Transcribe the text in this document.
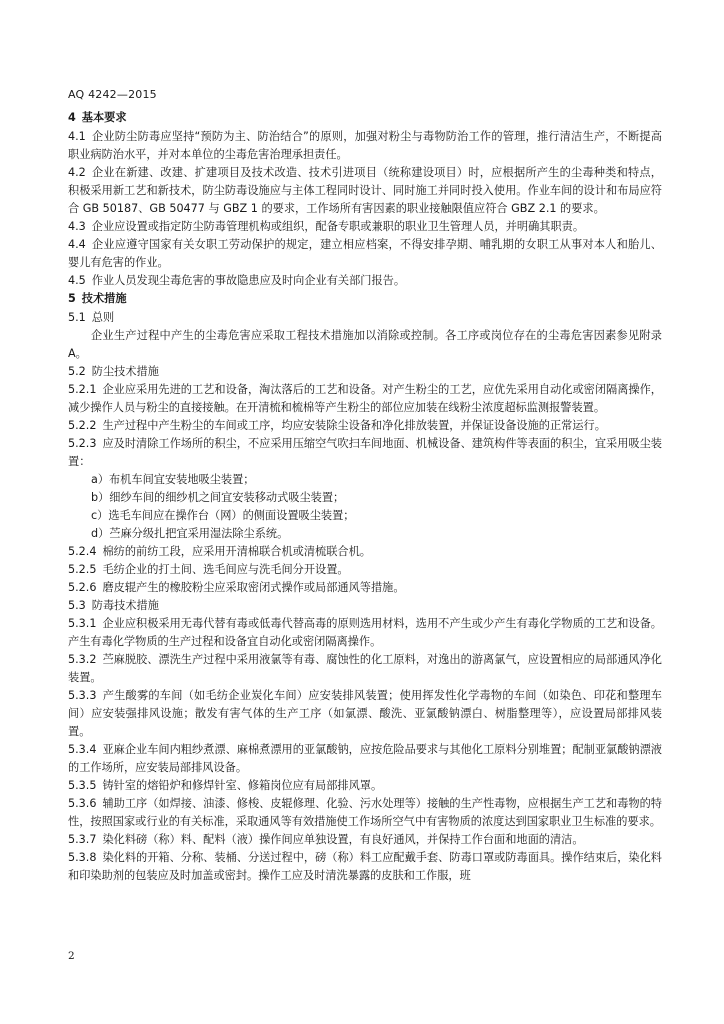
AQ 4242—2015

4 基本要求

4.1 企业防尘防毒应坚持“预防为主、防治结合”的原则，加强对粉尘与毒物防治工作的管理，推行清洁生产，不断提高职业病防治水平，并对本单位的尘毒危害治理承担责任。

4.2 企业在新建、改建、扩建项目及技术改造、技术引进项目（统称建设项目）时，应根据所产生的尘毒种类和特点，积极采用新工艺和新技术，防尘防毒设施应与主体工程同时设计、同时施工并同时投入使用。作业车间的设计和布局应符合 GB 50187、GB 50477 与 GBZ 1 的要求，工作场所有害因素的职业接触限值应符合 GBZ 2.1 的要求。

4.3 企业应设置或指定防尘防毒管理机构或组织，配备专职或兼职的职业卫生管理人员，并明确其职责。

4.4 企业应遵守国家有关女职工劳动保护的规定，建立相应档案，不得安排孕期、哺乳期的女职工从事对本人和胎儿、婴儿有危害的作业。

4.5 作业人员发现尘毒危害的事故隐患应及时向企业有关部门报告。

5 技术措施

5.1 总则

企业生产过程中产生的尘毒危害应采取工程技术措施加以消除或控制。各工序或岗位存在的尘毒危害因素参见附录 A。

5.2 防尘技术措施

5.2.1 企业应采用先进的工艺和设备，淘汰落后的工艺和设备。对产生粉尘的工艺，应优先采用自动化或密闭隔离操作，减少操作人员与粉尘的直接接触。在开清梳和梳棉等产生粉尘的部位应加装在线粉尘浓度超标监测报警装置。

5.2.2 生产过程中产生粉尘的车间或工序，均应安装除尘设备和净化排放装置，并保证设备设施的正常运行。

5.2.3 应及时清除工作场所的积尘，不应采用压缩空气吹扫车间地面、机械设备、建筑构件等表面的积尘，宜采用吸尘装置：

a）布机车间宜安装地吸尘装置；

b）细纱车间的细纱机之间宜安装移动式吸尘装置；

c）选毛车间应在操作台（网）的侧面设置吸尘装置；

d）苎麻分级扎把宜采用湿法除尘系统。

5.2.4 棉纺的前纺工段，应采用开清棉联合机或清梳联合机。

5.2.5 毛纺企业的打土间、选毛间应与洗毛间分开设置。

5.2.6 磨皮辊产生的橡胶粉尘应采取密闭式操作或局部通风等措施。

5.3 防毒技术措施

5.3.1 企业应积极采用无毒代替有毒或低毒代替高毒的原则选用材料，选用不产生或少产生有毒化学物质的工艺和设备。产生有毒化学物质的生产过程和设备宜自动化或密闭隔离操作。

5.3.2 苎麻脱胶、漂洗生产过程中采用液氯等有毒、腐蚀性的化工原料，对逸出的游离氯气，应设置相应的局部通风净化装置。

5.3.3 产生酸雾的车间（如毛纺企业炭化车间）应安装排风装置；使用挥发性化学毒物的车间（如染色、印花和整理车间）应安装强排风设施；散发有害气体的生产工序（如氯漂、酸洗、亚氯酸钠漂白、树脂整理等），应设置局部排风装置。

5.3.4 亚麻企业车间内粗纱煮漂、麻棉煮漂用的亚氯酸钠，应按危险品要求与其他化工原料分别堆置；配制亚氯酸钠漂液的工作场所，应安装局部排风设备。

5.3.5 铸针室的熔铅炉和修焊针室、修箱岗位应有局部排风罩。

5.3.6 辅助工序（如焊接、油漆、修梭、皮辊修理、化验、污水处理等）接触的生产性毒物，应根据生产工艺和毒物的特性，按照国家或行业的有关标准，采取通风等有效措施使工作场所空气中有害物质的浓度达到国家职业卫生标准的要求。

5.3.7 染化料磅（称）料、配料（液）操作间应单独设置，有良好通风，并保持工作台面和地面的清洁。

5.3.8 染化料的开箱、分称、装桶、分送过程中，磅（称）料工应配戴手套、防毒口罩或防毒面具。操作结束后，染化料和印染助剂的包装应及时加盖或密封。操作工应及时清洗暴露的皮肤和工作服，班

2
